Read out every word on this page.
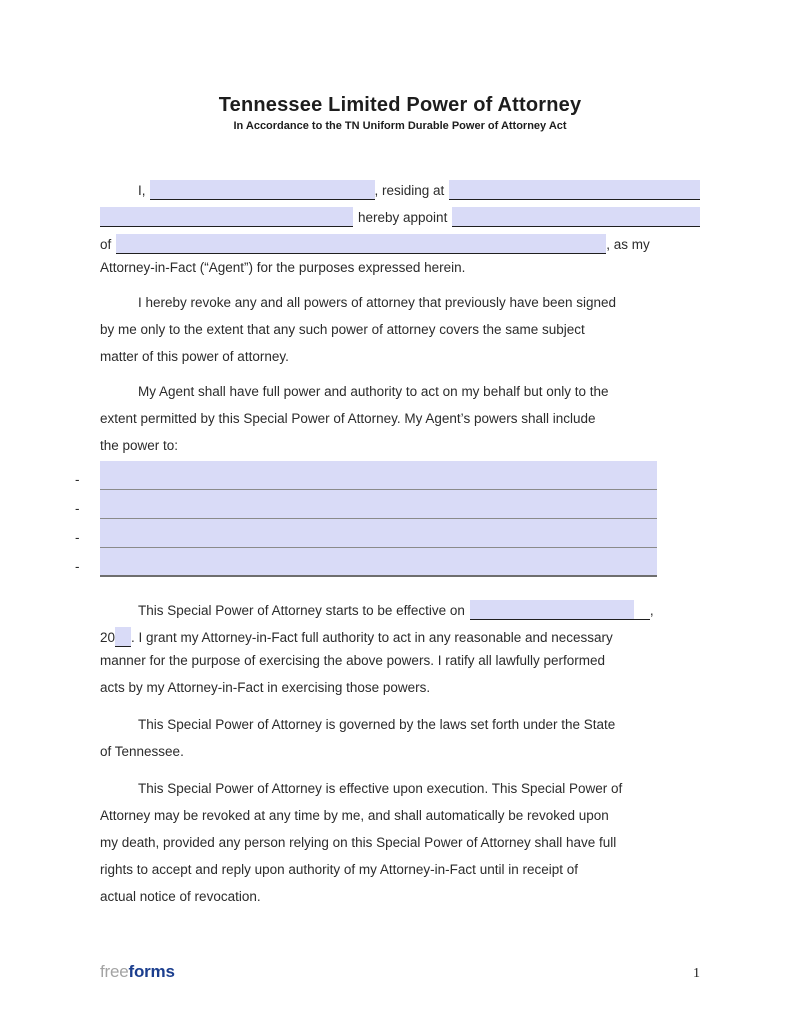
Tennessee Limited Power of Attorney
In Accordance to the TN Uniform Durable Power of Attorney Act
I,	, residing at
hereby appoint
of	, as my
Attorney-in-Fact (“Agent”) for the purposes expressed herein.
I hereby revoke any and all powers of attorney that previously have been signed
by me only to the extent that any such power of attorney covers the same subject
matter of this power of attorney.
My Agent shall have full power and authority to act on my behalf but only to the
extent permitted by this Special Power of Attorney. My Agent’s powers shall include
the power to:
-
-
-
-
This Special Power of Attorney starts to be effective on	,
20 . I grant my Attorney-in-Fact full authority to act in any reasonable and necessary
manner for the purpose of exercising the above powers. I ratify all lawfully performed
acts by my Attorney-in-Fact in exercising those powers.
This Special Power of Attorney is governed by the laws set forth under the State
of Tennessee.
This Special Power of Attorney is effective upon execution. This Special Power of
Attorney may be revoked at any time by me, and shall automatically be revoked upon
my death, provided any person relying on this Special Power of Attorney shall have full
rights to accept and reply upon authority of my Attorney-in-Fact until in receipt of
actual notice of revocation.
freeforms	1
